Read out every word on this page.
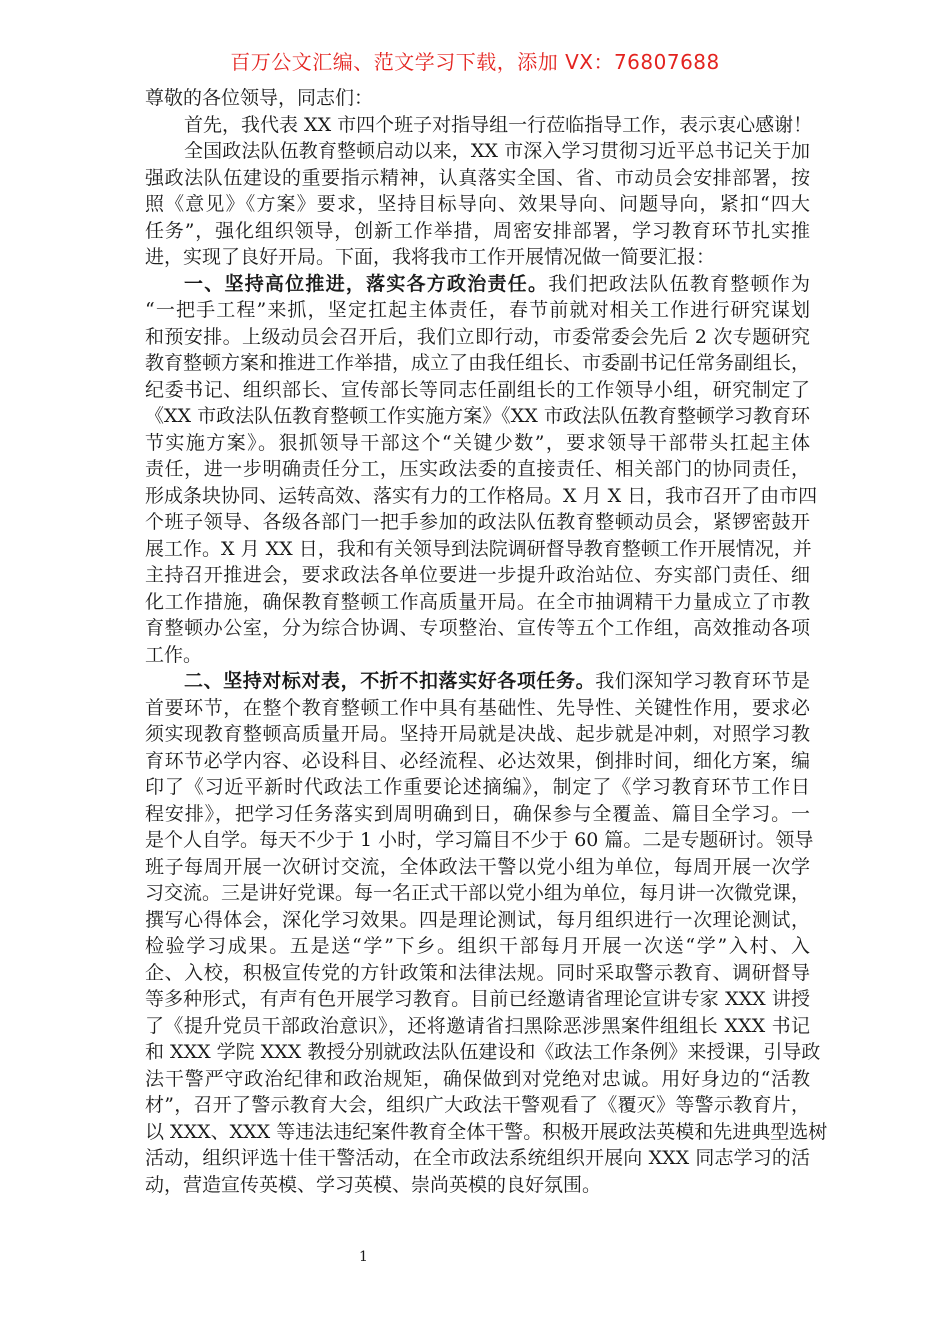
百万公文汇编、范文学习下载，添加 VX：76807688
尊敬的各位领导，同志们：
首先，我代表 XX 市四个班子对指导组一行莅临指导工作，表示衷心感谢！
全国政法队伍教育整顿启动以来，XX 市深入学习贯彻习近平总书记关于加
强政法队伍建设的重要指示精神，认真落实全国、省、市动员会安排部署，按
照《意见》《方案》要求，坚持目标导向、效果导向、问题导向，紧扣“四大
任务”，强化组织领导，创新工作举措，周密安排部署，学习教育环节扎实推
进，实现了良好开局。下面，我将我市工作开展情况做一简要汇报：
一、坚持高位推进，落实各方政治责任。我们把政法队伍教育整顿作为
“一把手工程”来抓，坚定扛起主体责任，春节前就对相关工作进行研究谋划
和预安排。上级动员会召开后，我们立即行动，市委常委会先后 2 次专题研究
教育整顿方案和推进工作举措，成立了由我任组长、市委副书记任常务副组长，
纪委书记、组织部长、宣传部长等同志任副组长的工作领导小组，研究制定了
《XX 市政法队伍教育整顿工作实施方案》《XX 市政法队伍教育整顿学习教育环
节实施方案》。狠抓领导干部这个“关键少数”，要求领导干部带头扛起主体
责任，进一步明确责任分工，压实政法委的直接责任、相关部门的协同责任，
形成条块协同、运转高效、落实有力的工作格局。X 月 X 日，我市召开了由市四
个班子领导、各级各部门一把手参加的政法队伍教育整顿动员会，紧锣密鼓开
展工作。X 月 XX 日，我和有关领导到法院调研督导教育整顿工作开展情况，并
主持召开推进会，要求政法各单位要进一步提升政治站位、夯实部门责任、细
化工作措施，确保教育整顿工作高质量开局。在全市抽调精干力量成立了市教
育整顿办公室，分为综合协调、专项整治、宣传等五个工作组，高效推动各项
工作。
二、坚持对标对表，不折不扣落实好各项任务。我们深知学习教育环节是
首要环节，在整个教育整顿工作中具有基础性、先导性、关键性作用，要求必
须实现教育整顿高质量开局。坚持开局就是决战、起步就是冲刺，对照学习教
育环节必学内容、必设科目、必经流程、必达效果，倒排时间，细化方案，编
印了《习近平新时代政法工作重要论述摘编》，制定了《学习教育环节工作日
程安排》，把学习任务落实到周明确到日，确保参与全覆盖、篇目全学习。一
是个人自学。每天不少于 1 小时，学习篇目不少于 60 篇。二是专题研讨。领导
班子每周开展一次研讨交流，全体政法干警以党小组为单位，每周开展一次学
习交流。三是讲好党课。每一名正式干部以党小组为单位，每月讲一次微党课，
撰写心得体会，深化学习效果。四是理论测试，每月组织进行一次理论测试，
检验学习成果。五是送“学”下乡。组织干部每月开展一次送“学”入村、入
企、入校，积极宣传党的方针政策和法律法规。同时采取警示教育、调研督导
等多种形式，有声有色开展学习教育。目前已经邀请省理论宣讲专家 XXX 讲授
了《提升党员干部政治意识》，还将邀请省扫黑除恶涉黑案件组组长 XXX 书记
和 XXX 学院 XXX 教授分别就政法队伍建设和《政法工作条例》来授课，引导政
法干警严守政治纪律和政治规矩，确保做到对党绝对忠诚。用好身边的“活教
材”，召开了警示教育大会，组织广大政法干警观看了《覆灭》等警示教育片，
以 XXX、XXX 等违法违纪案件教育全体干警。积极开展政法英模和先进典型选树
活动，组织评选十佳干警活动，在全市政法系统组织开展向 XXX 同志学习的活
动，营造宣传英模、学习英模、崇尚英模的良好氛围。
1
